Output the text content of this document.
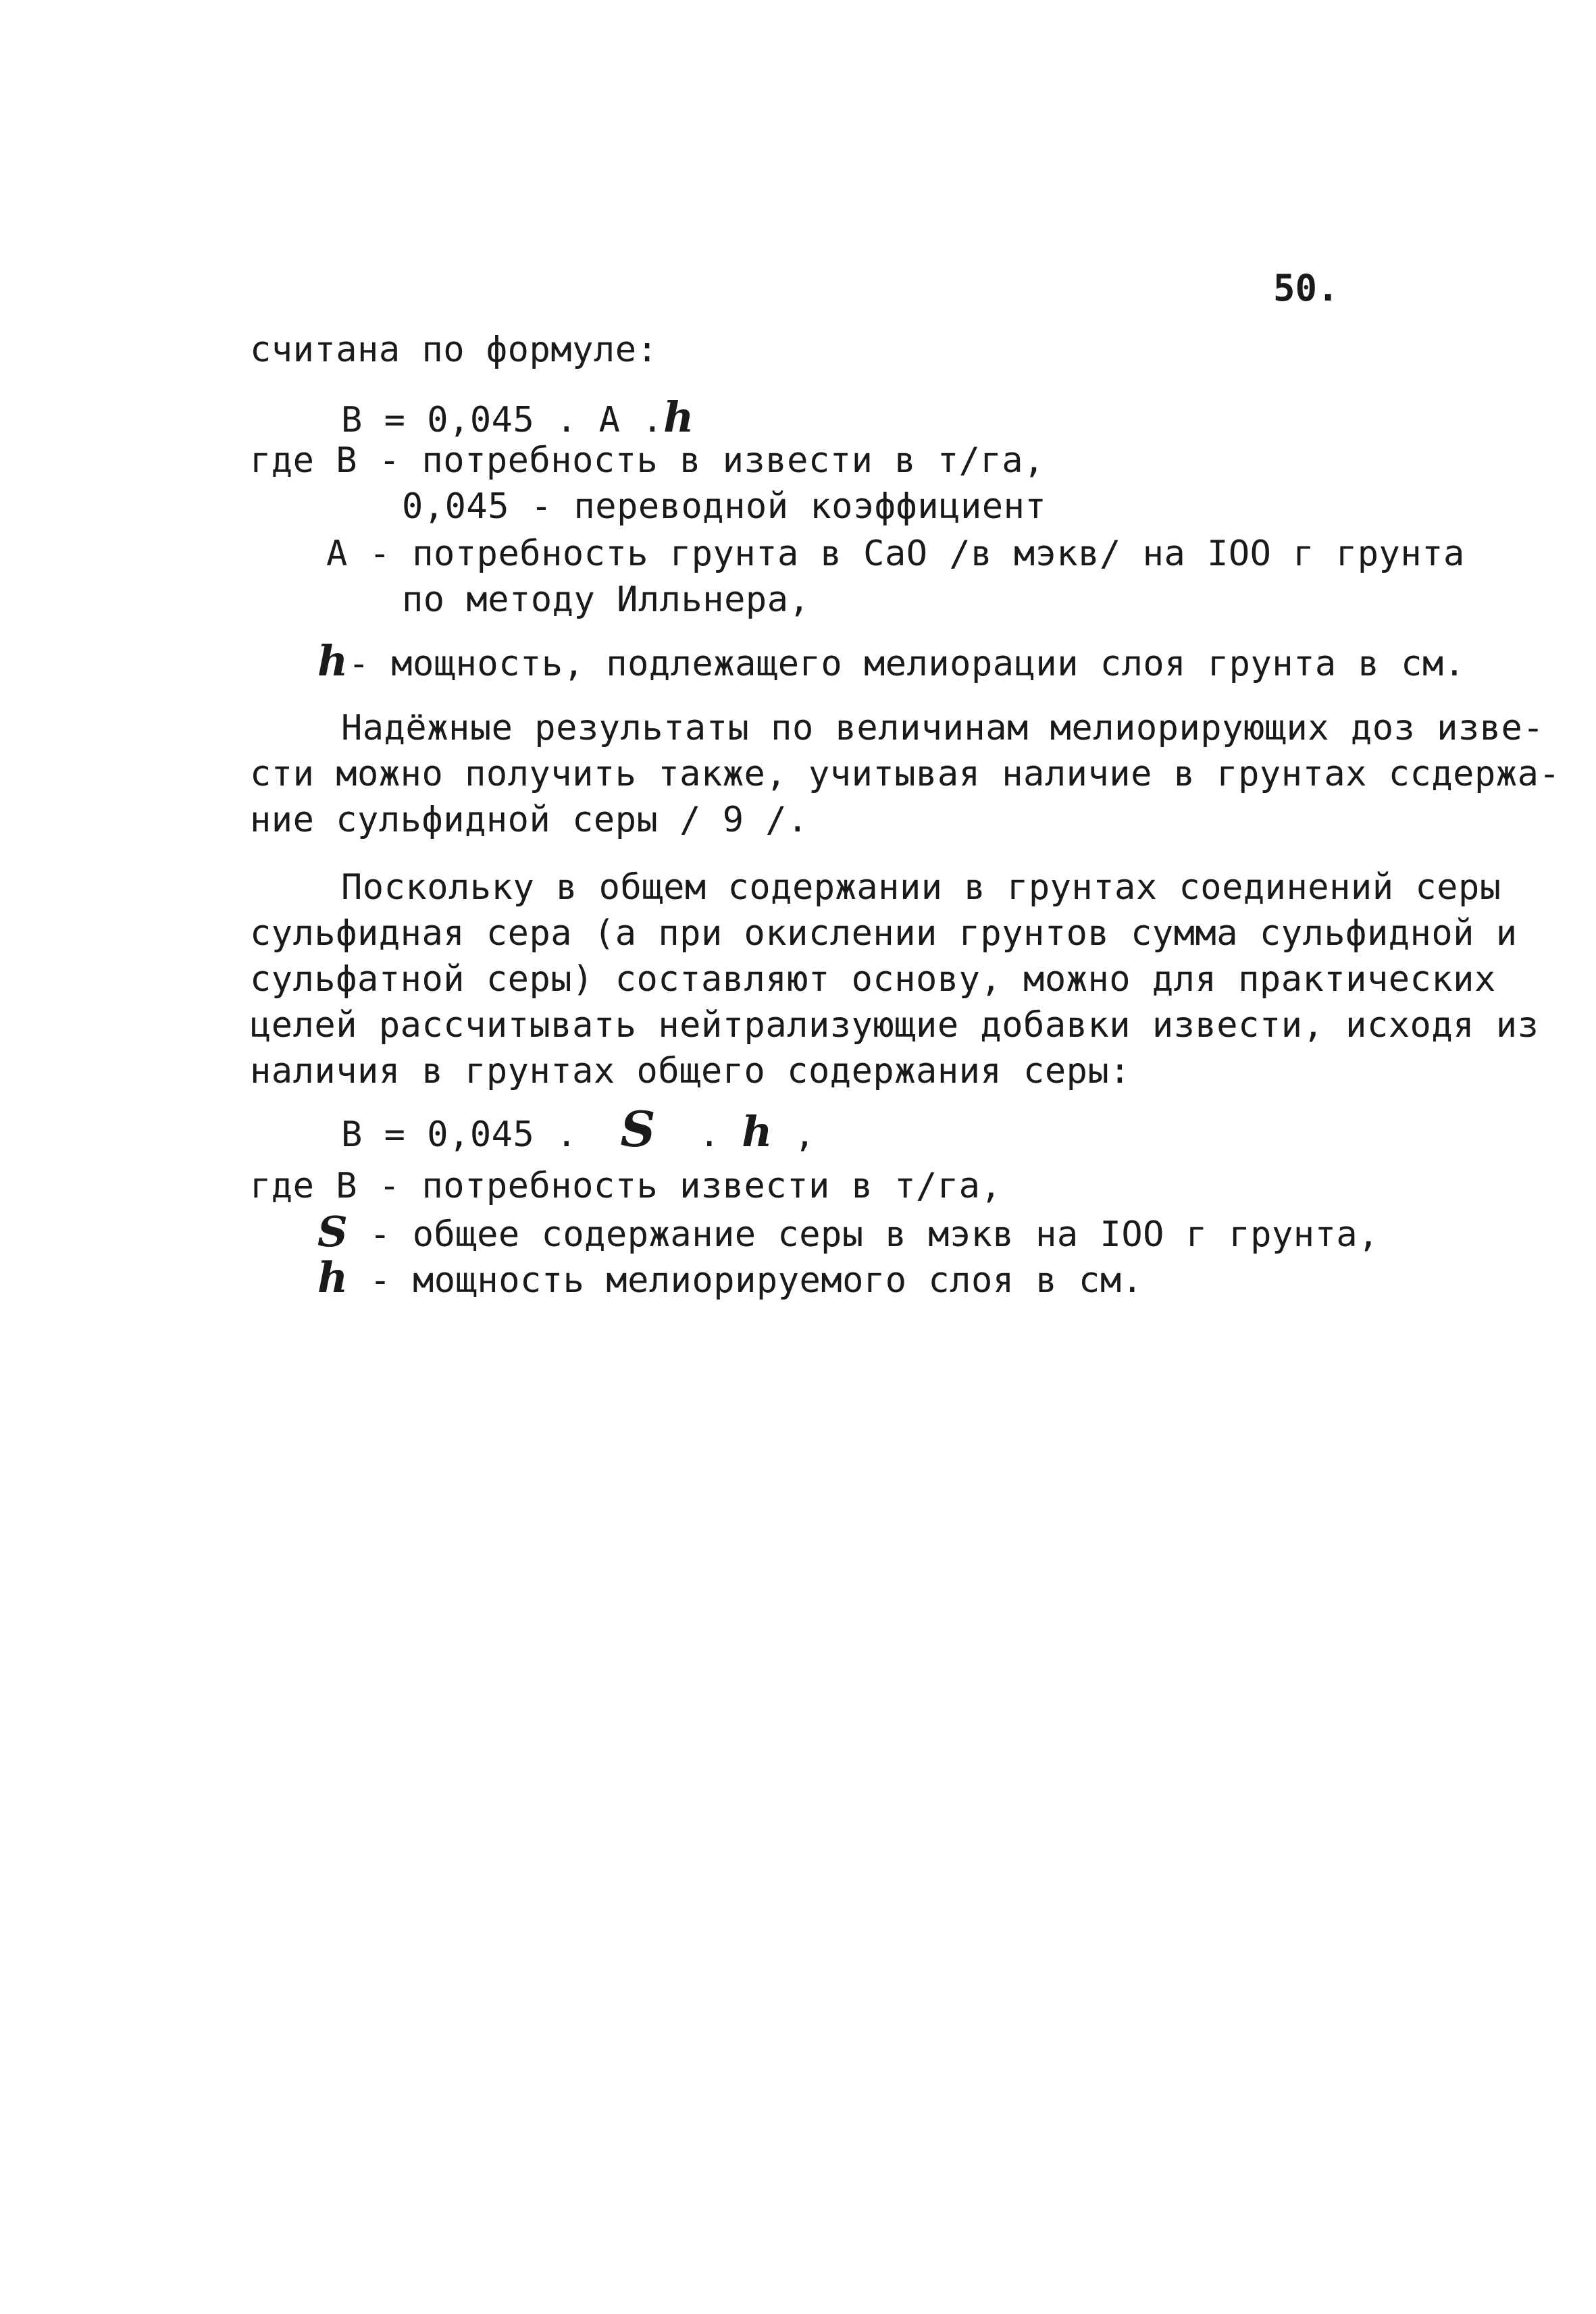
50.
считана по формуле:
B = 0,045 . A .h
где B - потребность в извести в т/га,
0,045 - переводной коэффициент
A - потребность грунта в CaO /в мэкв/ на IOO г грунта
по методу Илльнера,
h- мощность, подлежащего мелиорации слоя грунта в см.
Надёжные результаты по величинам мелиорирующих доз изве-
сти можно получить также, учитывая наличие в грунтах ссдержа-
ние сульфидной серы / 9 /.
Поскольку в общем содержании в грунтах соединений серы
сульфидная сера (а при окислении грунтов сумма сульфидной и
сульфатной серы) составляют основу, можно для практических
целей рассчитывать нейтрализующие добавки извести, исходя из
наличия в грунтах общего содержания серы:
B = 0,045 . S . h ,
где B - потребность извести в т/га,
S - общее содержание серы в мэкв на IOO г грунта,
h - мощность мелиорируемого слоя в см.
